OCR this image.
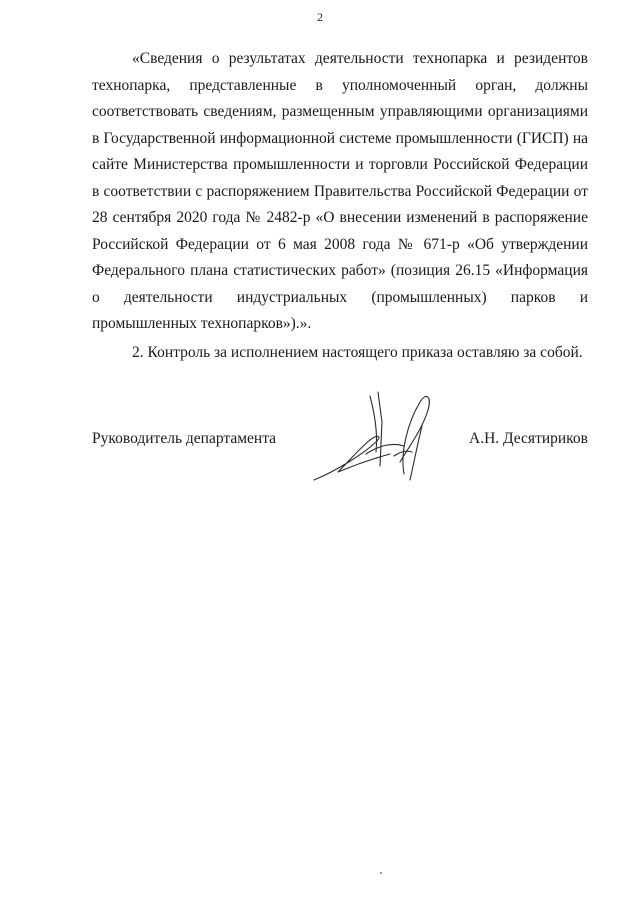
2

«Сведения о результатах деятельности технопарка и резидентов технопарка, представленные в уполномоченный орган, должны соответствовать сведениям, размещенным управляющими организациями в Государственной информационной системе промышленности (ГИСП) на сайте Министерства промышленности и торговли Российской Федерации в соответствии с распоряжением Правительства Российской Федерации от 28 сентября 2020 года № 2482-р «О внесении изменений в распоряжение Российской Федерации от 6 мая 2008 года № 671-р «Об утверждении Федерального плана статистических работ» (позиция 26.15 «Информация о деятельности индустриальных (промышленных) парков и промышленных технопарков»).».

2. Контроль за исполнением настоящего приказа оставляю за собой.

Руководитель департамента	А.Н. Десятириков
